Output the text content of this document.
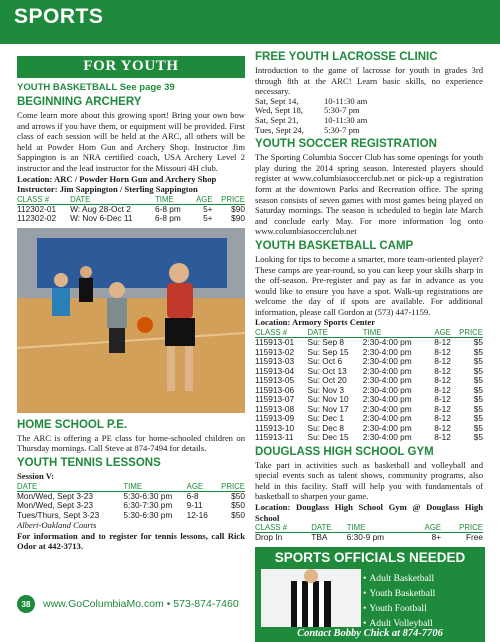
SPORTS
FOR YOUTH
YOUTH BASKETBALL See page 39
BEGINNING ARCHERY

Come learn more about this growing sport! Bring your own bow and arrows if you have them, or equipment will be provided. First class of each session will be held at the ARC, all others will be held at Powder Horn Gun and Archery Shop. Instructor Jim Sappington is an NRA certified coach, USA Archery Level 2 instructor and the lead instructor for the Missouri 4H club.

Location: ARC / Powder Horn Gun and Archery Shop

Instructor: Jim Sappington / Sterling Sappington

CLASS #	DATE	TIME	AGE	PRICE
112302-01	W: Aug 28-Oct 2	6-8 pm	5+	$90
112302-02	W: Nov 6-Dec 11	6-8 pm	5+	$90
HOME SCHOOL P.E.

The ARC is offering a PE class for home-schooled children on Thursday mornings. Call Steve at 874-7494 for details.

YOUTH TENNIS LESSONS

Session V:

DATE	TIME	AGE	PRICE
Mon/Wed, Sept 3-23	5:30-6:30 pm	6-8	$50
Mon/Wed, Sept 3-23	6:30-7:30 pm	9-11	$50
Tues/Thurs, Sept 3-23	5:30-6:30 pm	12-16	$50

Albert-Oakland Courts

For information and to register for tennis lessons, call Rick Odor at 442-3713.

FREE YOUTH LACROSSE CLINIC

Introduction to the game of lacrosse for youth in grades 3rd through 8th at the ARC! Learn basic skills, no experience necessary.

Sat, Sept 14,	10-11:30 am
Wed, Sept 18,	5:30-7 pm
Sat, Sept 21,	10-11:30 am
Tues, Sept 24,	5:30-7 pm
YOUTH SOCCER REGISTRATION

The Sporting Columbia Soccer Club has some openings for youth play during the 2014 spring season. Interested players should register at www.columbiasoccerclub.net or pick-up a registration form at the downtown Parks and Recreation office. The spring season consists of seven games with most games being played on Saturday mornings. The season is scheduled to begin late March and conclude early May. For more information log onto www.columbiasoccerclub.net

YOUTH BASKETBALL CAMP

Looking for tips to become a smarter, more team-oriented player? These camps are year-round, so you can keep your skills sharp in the off-season. Pre-register and pay as far in advance as you would like to ensure you have a spot. Walk-up registrations are welcome the day of if spots are available. For additional information, please call Gordon at (573) 447-1159.

Location: Armory Sports Center

CLASS #	DATE	TIME	AGE	PRICE
115913-01	Su: Sep 8	2:30-4:00 pm	8-12	$5
115913-02	Su: Sep 15	2:30-4:00 pm	8-12	$5
115913-03	Su: Oct 6	2:30-4:00 pm	8-12	$5
115913-04	Su: Oct 13	2:30-4:00 pm	8-12	$5
115913-05	Su: Oct 20	2:30-4:00 pm	8-12	$5
115913-06	Su: Nov 3	2:30-4:00 pm	8-12	$5
115913-07	Su: Nov 10	2:30-4:00 pm	8-12	$5
115913-08	Su: Nov 17	2:30-4:00 pm	8-12	$5
115913-09	Su: Dec 1	2:30-4:00 pm	8-12	$5
115913-10	Su: Dec 8	2:30-4:00 pm	8-12	$5
115913-11	Su: Dec 15	2:30-4:00 pm	8-12	$5
DOUGLASS HIGH SCHOOL GYM

Take part in activities such as basketball and volleyball and special events such as talent shows, community programs, also held in this facility. Staff will help you with fundamentals of basketball to sharpen your game.

Location: Douglass High School Gym @ Douglass High School

CLASS #	DATE	TIME	AGE	PRICE
Drop In	TBA	6:30-9 pm	8+	Free
SPORTS OFFICIALS NEEDED
• Adult Basketball
• Youth Basketball
• Youth Football
• Adult Volleyball
Contact Bobby Chick at 874-7706
38	www.GoColumbiaMo.com • 573-874-7460
